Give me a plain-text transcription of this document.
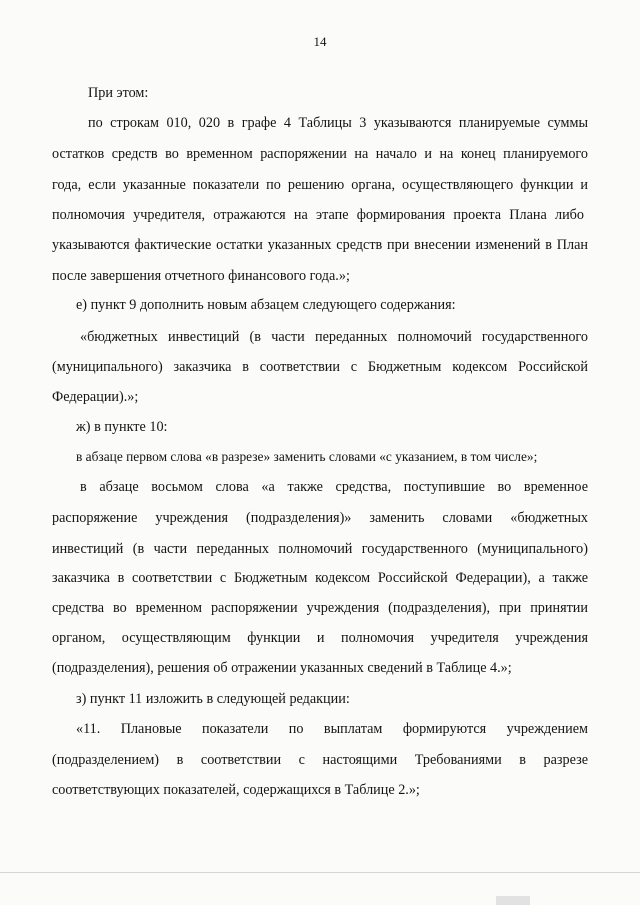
14
При этом:
по строкам 010, 020 в графе 4 Таблицы 3 указываются планируемые суммы
остатков средств во временном распоряжении на начало и на конец планируемого
года, если указанные показатели по решению органа, осуществляющего функции и
полномочия учредителя, отражаются на этапе формирования проекта Плана либо
указываются фактические остатки указанных средств при внесении изменений в План
после завершения отчетного финансового года.»;
е) пункт 9 дополнить новым абзацем следующего содержания:
«бюджетных инвестиций (в части переданных полномочий государственного
(муниципального) заказчика в соответствии с Бюджетным кодексом Российской
Федерации).»;
ж) в пункте 10:
в абзаце первом слова «в разрезе» заменить словами «с указанием, в том числе»;
в абзаце восьмом слова «а также средства, поступившие во временное
распоряжение учреждения (подразделения)» заменить словами «бюджетных
инвестиций (в части переданных полномочий государственного (муниципального)
заказчика в соответствии с Бюджетным кодексом Российской Федерации), а также
средства во временном распоряжении учреждения (подразделения), при принятии
органом, осуществляющим функции и полномочия учредителя учреждения
(подразделения), решения об отражении указанных сведений в Таблице 4.»;
з) пункт 11 изложить в следующей редакции:
«11. Плановые показатели по выплатам формируются учреждением
(подразделением) в соответствии с настоящими Требованиями в разрезе
соответствующих показателей, содержащихся в Таблице 2.»;
